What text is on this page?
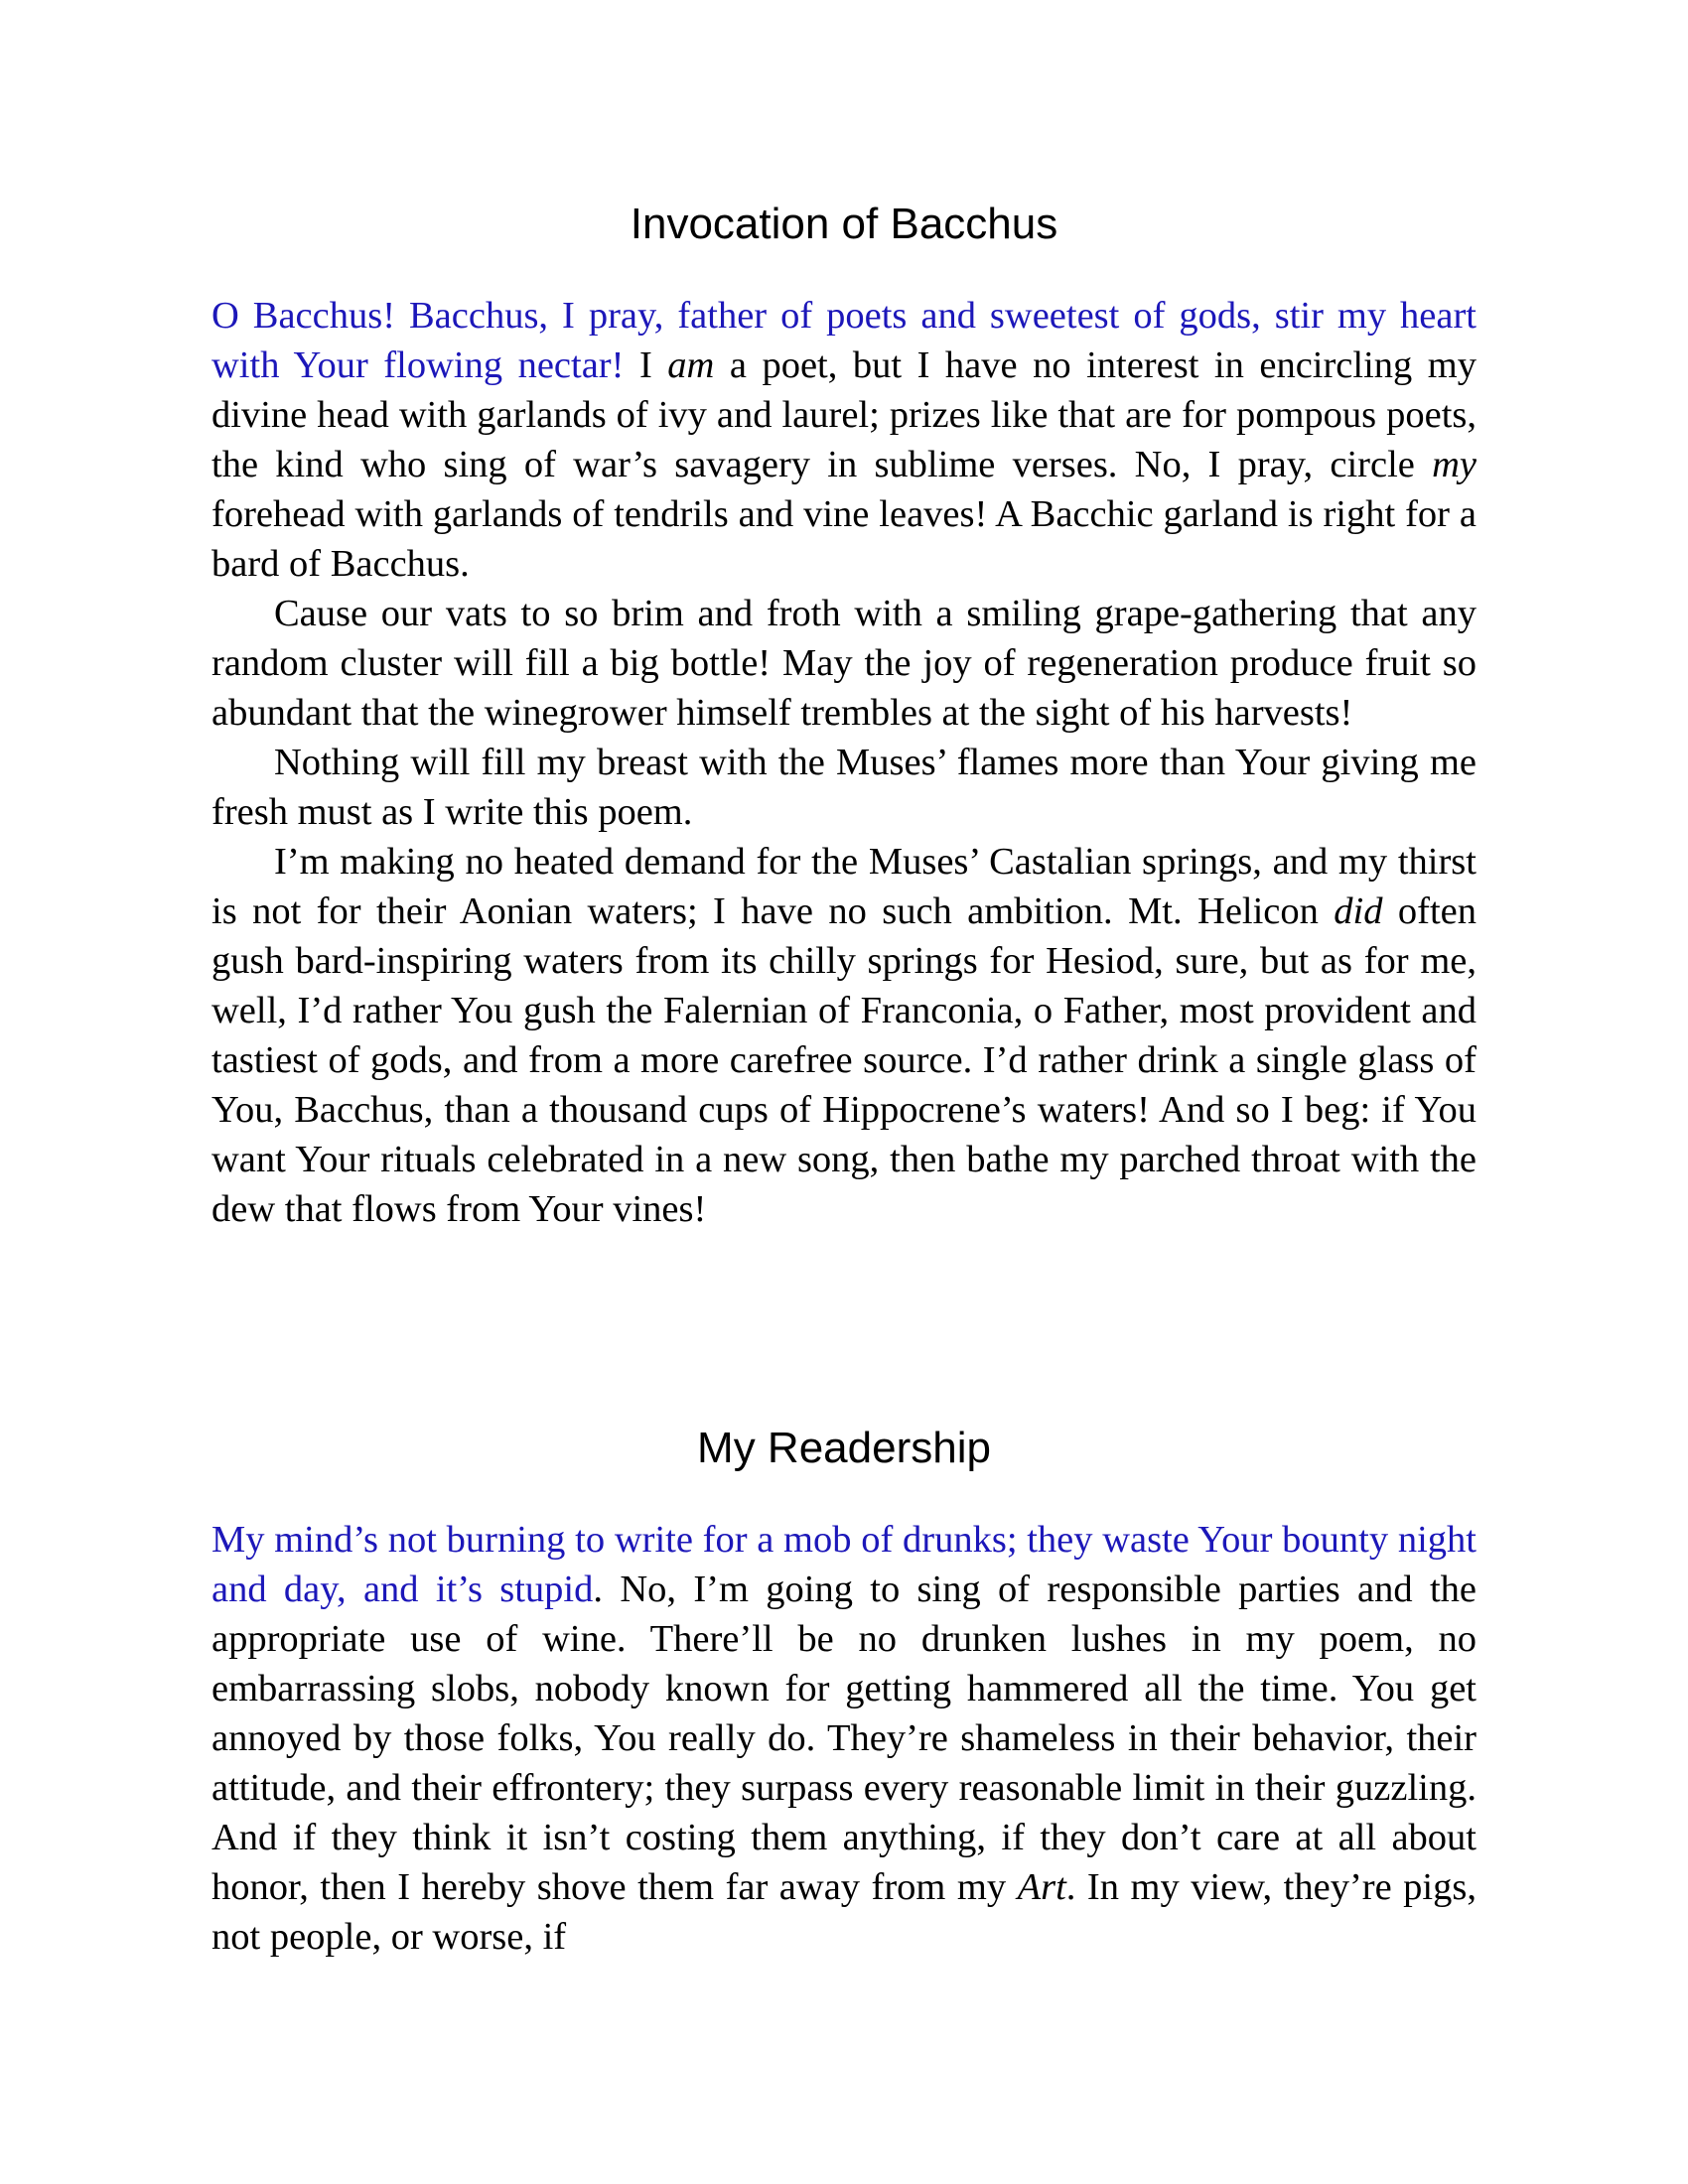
Invocation of Bacchus

O Bacchus! Bacchus, I pray, father of poets and sweetest of gods, stir my heart with Your flowing nectar! I am a poet, but I have no interest in encircling my divine head with garlands of ivy and laurel; prizes like that are for pompous poets, the kind who sing of war’s savagery in sublime verses. No, I pray, circle my forehead with garlands of tendrils and vine leaves! A Bacchic garland is right for a bard of Bacchus.

Cause our vats to so brim and froth with a smiling grape-gathering that any random cluster will fill a big bottle! May the joy of regeneration produce fruit so abundant that the winegrower himself trembles at the sight of his harvests!

Nothing will fill my breast with the Muses’ flames more than Your giving me fresh must as I write this poem.

I’m making no heated demand for the Muses’ Castalian springs, and my thirst is not for their Aonian waters; I have no such ambition. Mt. Helicon did often gush bard-inspiring waters from its chilly springs for Hesiod, sure, but as for me, well, I’d rather You gush the Falernian of Franconia, o Father, most provident and tastiest of gods, and from a more carefree source. I’d rather drink a single glass of You, Bacchus, than a thousand cups of Hippocrene’s waters! And so I beg: if You want Your rituals celebrated in a new song, then bathe my parched throat with the dew that flows from Your vines!

My Readership

My mind’s not burning to write for a mob of drunks; they waste Your bounty night and day, and it’s stupid. No, I’m going to sing of responsible parties and the appropriate use of wine. There’ll be no drunken lushes in my poem, no embarrassing slobs, nobody known for getting hammered all the time. You get annoyed by those folks, You really do. They’re shameless in their behavior, their attitude, and their effrontery; they surpass every reasonable limit in their guzzling. And if they think it isn’t costing them anything, if they don’t care at all about honor, then I hereby shove them far away from my Art. In my view, they’re pigs, not people, or worse, if
